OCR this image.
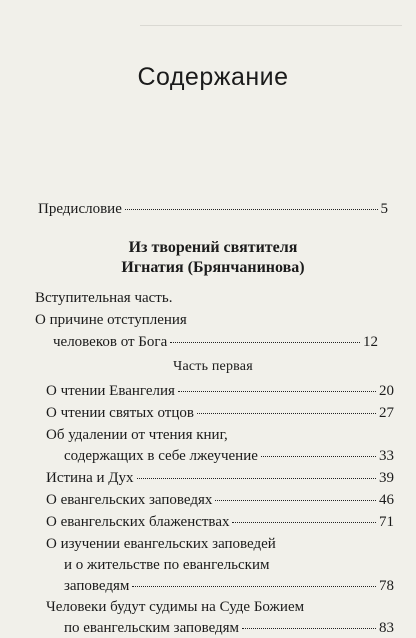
Содержание
Предисловие	5
Из творений святителя
Игнатия (Брянчанинова)
Вступительная часть.
О причине отступления
человеков от Бога	12
Часть первая
О чтении Евангелия	20
О чтении святых отцов	27
Об удалении от чтения книг,
содержащих в себе лжеучение	33
Истина и Дух	39
О евангельских заповедях	46
О евангельских блаженствах	71
О изучении евангельских заповедей
и о жительстве по евангельским
заповедям	78
Человеки будут судимы на Суде Божием
по евангельским заповедям	83
